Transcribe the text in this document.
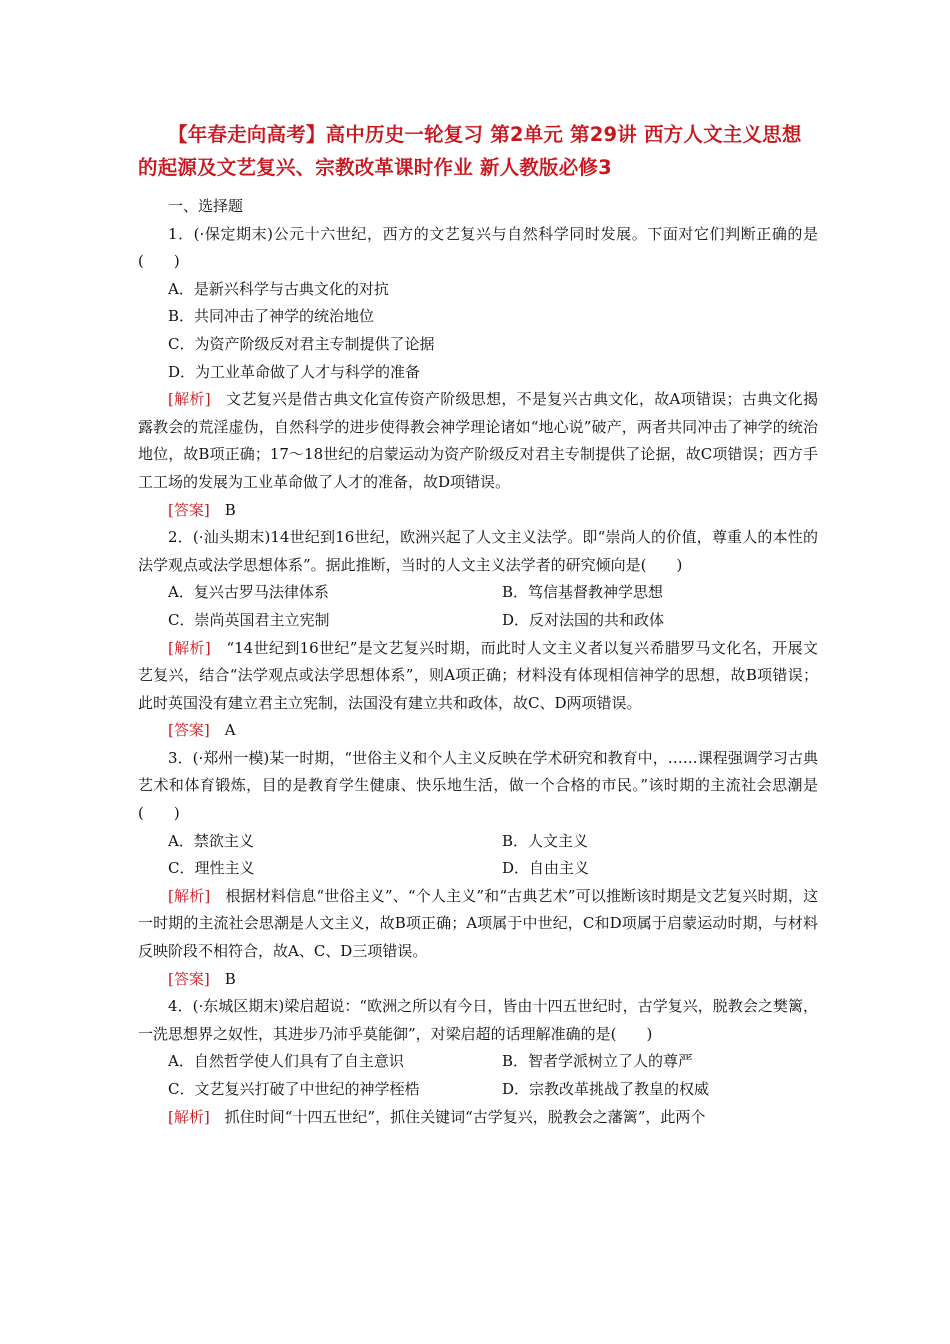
【年春走向高考】高中历史一轮复习 第2单元 第29讲 西方人文主义思想的起源及文艺复兴、宗教改革课时作业 新人教版必修3

一、选择题

1．(·保定期末)公元十六世纪，西方的文艺复兴与自然科学同时发展。下面对它们判断正确的是(　　)

A．是新兴科学与古典文化的对抗

B．共同冲击了神学的统治地位

C．为资产阶级反对君主专制提供了论据

D．为工业革命做了人才与科学的准备

[解析]　 文艺复兴是借古典文化宣传资产阶级思想，不是复兴古典文化，故A项错误；古典文化揭露教会的荒淫虚伪，自然科学的进步使得教会神学理论诸如“地心说”破产，两者共同冲击了神学的统治地位，故B项正确；17～18世纪的启蒙运动为资产阶级反对君主专制提供了论据，故C项错误；西方手工工场的发展为工业革命做了人才的准备，故D项错误。

[答案]　 B

2．(·汕头期末)14世纪到16世纪，欧洲兴起了人文主义法学。即“崇尚人的价值，尊重人的本性的法学观点或法学思想体系”。据此推断，当时的人文主义法学者的研究倾向是(　　)

A．复兴古罗马法律体系	B．笃信基督教神学思想
C．崇尚英国君主立宪制	D．反对法国的共和政体

[解析]　 “14世纪到16世纪”是文艺复兴时期，而此时人文主义者以复兴希腊罗马文化名，开展文艺复兴，结合“法学观点或法学思想体系”，则A项正确；材料没有体现相信神学的思想，故B项错误；此时英国没有建立君主立宪制，法国没有建立共和政体，故C、D两项错误。

[答案]　 A

3．(·郑州一模)某一时期，“世俗主义和个人主义反映在学术研究和教育中，……课程强调学习古典艺术和体育锻炼，目的是教育学生健康、快乐地生活，做一个合格的市民。”该时期的主流社会思潮是(　　)

A．禁欲主义	B．人文主义
C．理性主义	D．自由主义

[解析]　 根据材料信息“世俗主义”、“个人主义”和“古典艺术”可以推断该时期是文艺复兴时期，这一时期的主流社会思潮是人文主义，故B项正确；A项属于中世纪，C和D项属于启蒙运动时期，与材料反映阶段不相符合，故A、C、D三项错误。

[答案]　 B

4．(·东城区期末)梁启超说：“欧洲之所以有今日，皆由十四五世纪时，古学复兴，脱教会之樊篱，一洗思想界之奴性，其进步乃沛乎莫能御”，对梁启超的话理解准确的是(　　)

A．自然哲学使人们具有了自主意识	B．智者学派树立了人的尊严
C．文艺复兴打破了中世纪的神学桎梏	D．宗教改革挑战了教皇的权威

[解析]　 抓住时间“十四五世纪”，抓住关键词“古学复兴，脱教会之藩篱”，此两个
